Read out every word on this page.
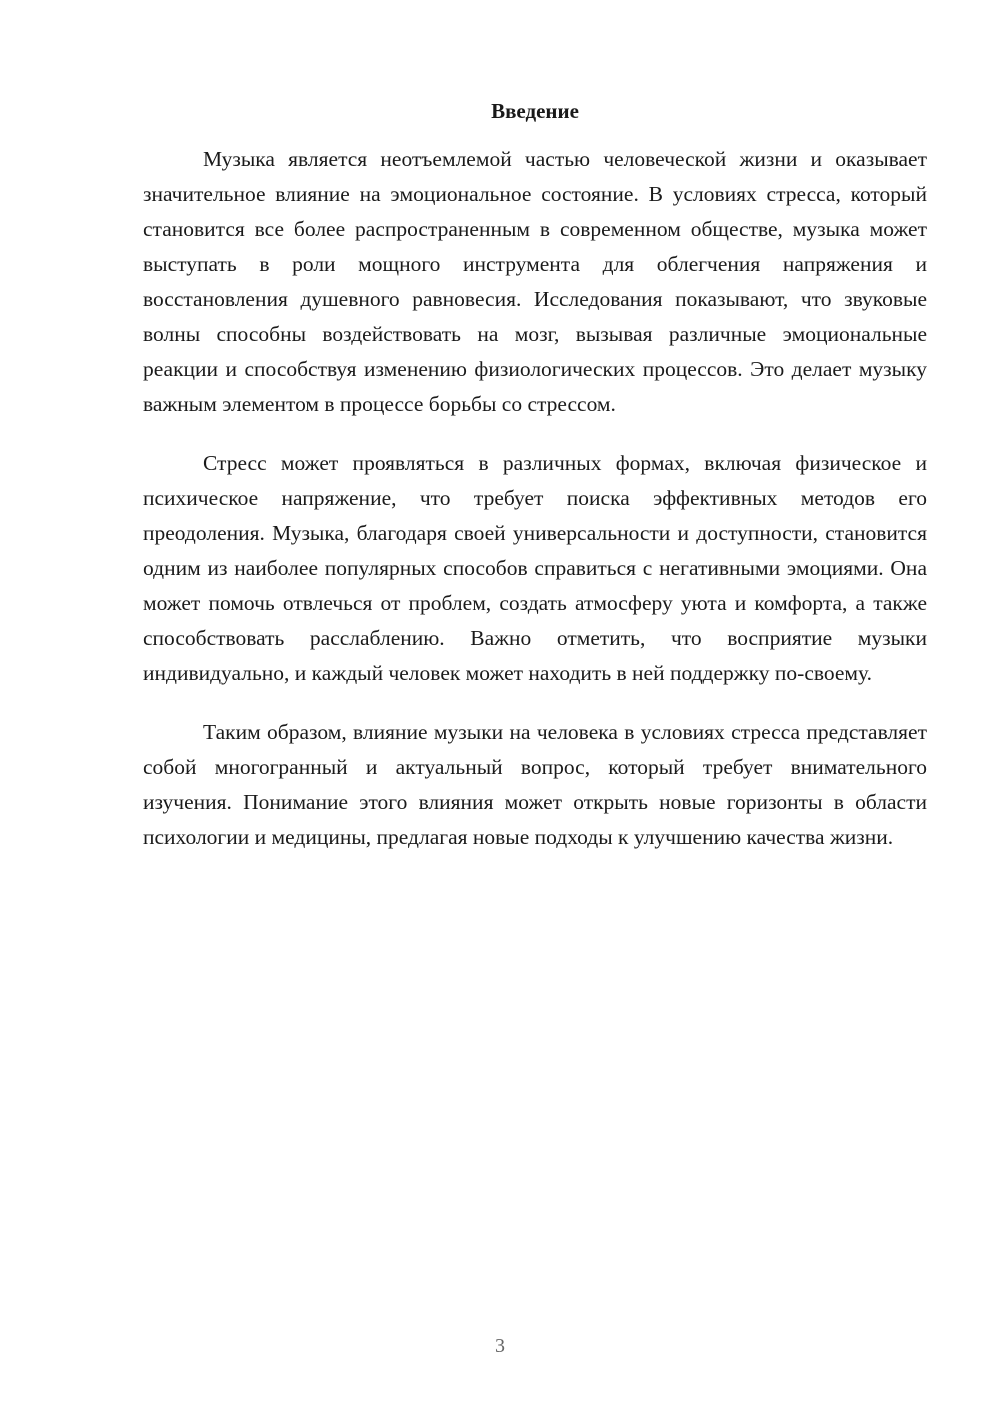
Введение

Музыка является неотъемлемой частью человеческой жизни и оказывает значительное влияние на эмоциональное состояние. В условиях стресса, который становится все более распространенным в современном обществе, музыка может выступать в роли мощного инструмента для облегчения напряжения и восстановления душевного равновесия. Исследования показывают, что звуковые волны способны воздействовать на мозг, вызывая различные эмоциональные реакции и способствуя изменению физиологических процессов. Это делает музыку важным элементом в процессе борьбы со стрессом.

Стресс может проявляться в различных формах, включая физическое и психическое напряжение, что требует поиска эффективных методов его преодоления. Музыка, благодаря своей универсальности и доступности, становится одним из наиболее популярных способов справиться с негативными эмоциями. Она может помочь отвлечься от проблем, создать атмосферу уюта и комфорта, а также способствовать расслаблению. Важно отметить, что восприятие музыки индивидуально, и каждый человек может находить в ней поддержку по-своему.

Таким образом, влияние музыки на человека в условиях стресса представляет собой многогранный и актуальный вопрос, который требует внимательного изучения. Понимание этого влияния может открыть новые горизонты в области психологии и медицины, предлагая новые подходы к улучшению качества жизни.

3
